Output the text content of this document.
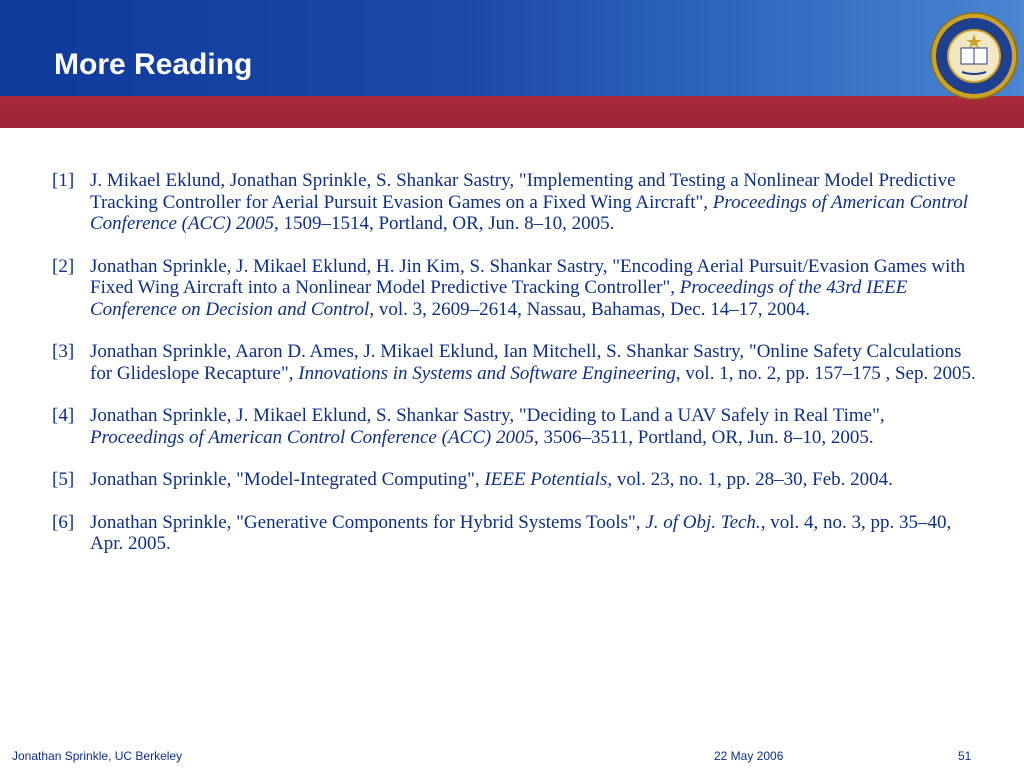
More Reading
[1] J. Mikael Eklund, Jonathan Sprinkle, S. Shankar Sastry, "Implementing and Testing a Nonlinear Model Predictive Tracking Controller for Aerial Pursuit Evasion Games on a Fixed Wing Aircraft", Proceedings of American Control Conference (ACC) 2005, 1509–1514, Portland, OR, Jun. 8–10, 2005.
[2] Jonathan Sprinkle, J. Mikael Eklund, H. Jin Kim, S. Shankar Sastry, "Encoding Aerial Pursuit/Evasion Games with Fixed Wing Aircraft into a Nonlinear Model Predictive Tracking Controller", Proceedings of the 43rd IEEE Conference on Decision and Control, vol. 3, 2609–2614, Nassau, Bahamas, Dec. 14–17, 2004.
[3] Jonathan Sprinkle, Aaron D. Ames, J. Mikael Eklund, Ian Mitchell, S. Shankar Sastry, "Online Safety Calculations for Glideslope Recapture", Innovations in Systems and Software Engineering, vol. 1, no. 2, pp. 157–175 , Sep. 2005.
[4] Jonathan Sprinkle, J. Mikael Eklund, S. Shankar Sastry, "Deciding to Land a UAV Safely in Real Time", Proceedings of American Control Conference (ACC) 2005, 3506–3511, Portland, OR, Jun. 8–10, 2005.
[5] Jonathan Sprinkle, "Model-Integrated Computing", IEEE Potentials, vol. 23, no. 1, pp. 28–30, Feb. 2004.
[6] Jonathan Sprinkle, "Generative Components for Hybrid Systems Tools", J. of Obj. Tech., vol. 4, no. 3, pp. 35–40, Apr. 2005.
Jonathan Sprinkle, UC Berkeley	22 May 2006	51
